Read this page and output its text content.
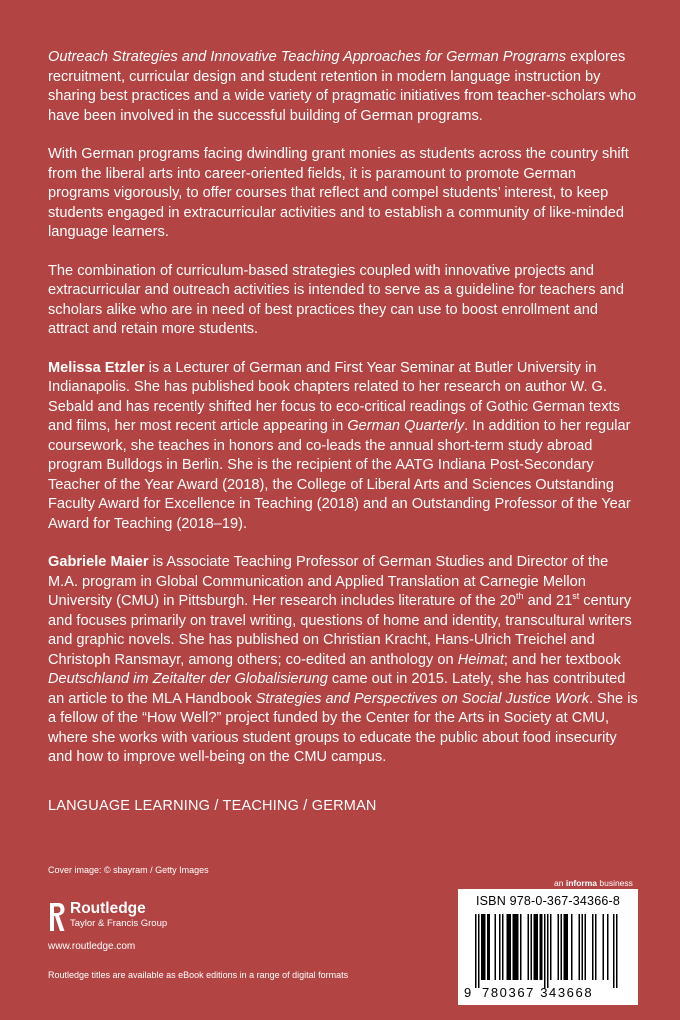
Outreach Strategies and Innovative Teaching Approaches for German Programs explores recruitment, curricular design and student retention in modern language instruction by sharing best practices and a wide variety of pragmatic initiatives from teacher-scholars who have been involved in the successful building of German programs.

With German programs facing dwindling grant monies as students across the country shift from the liberal arts into career-oriented fields, it is paramount to promote German programs vigorously, to offer courses that reflect and compel students’ interest, to keep students engaged in extracurricular activities and to establish a community of like-minded language learners.

The combination of curriculum-based strategies coupled with innovative projects and extracurricular and outreach activities is intended to serve as a guideline for teachers and scholars alike who are in need of best practices they can use to boost enrollment and attract and retain more students.

Melissa Etzler is a Lecturer of German and First Year Seminar at Butler University in Indianapolis. She has published book chapters related to her research on author W. G. Sebald and has recently shifted her focus to eco-critical readings of Gothic German texts and films, her most recent article appearing in German Quarterly. In addition to her regular coursework, she teaches in honors and co-leads the annual short-term study abroad program Bulldogs in Berlin. She is the recipient of the AATG Indiana Post-Secondary Teacher of the Year Award (2018), the College of Liberal Arts and Sciences Outstanding Faculty Award for Excellence in Teaching (2018) and an Outstanding Professor of the Year Award for Teaching (2018–19).

Gabriele Maier is Associate Teaching Professor of German Studies and Director of the M.A. program in Global Communication and Applied Translation at Carnegie Mellon University (CMU) in Pittsburgh. Her research includes literature of the 20th and 21st century and focuses primarily on travel writing, questions of home and identity, transcultural writers and graphic novels. She has published on Christian Kracht, Hans-Ulrich Treichel and Christoph Ransmayr, among others; co-edited an anthology on Heimat; and her textbook Deutschland im Zeitalter der Globalisierung came out in 2015. Lately, she has contributed an article to the MLA Handbook Strategies and Perspectives on Social Justice Work. She is a fellow of the “How Well?” project funded by the Center for the Arts in Society at CMU, where she works with various student groups to educate the public about food insecurity and how to improve well-being on the CMU campus.

LANGUAGE LEARNING / TEACHING / GERMAN
Cover image: © sbayram / Getty Images
Routledge
Taylor & Francis Group
www.routledge.com
Routledge titles are available as eBook editions in a range of digital formats
an informa business
ISBN 978-0-367-34366-8
9 780367 343668
